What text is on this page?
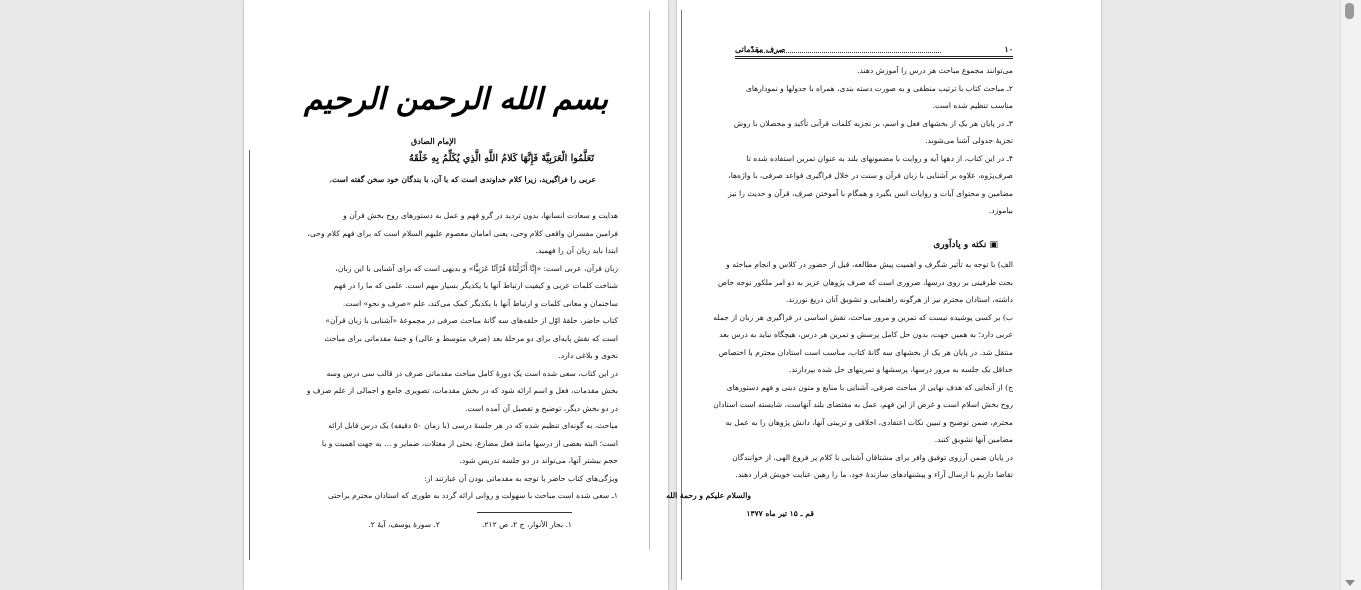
بسم الله الرحمن الرحيم
الإمام الصادق
تَعَلَّمُوا الْعَرَبِيَّةَ فَإِنَّهَا كَلامُ اللَّهِ الَّذِي يُكَلِّمُ بِهِ خَلْقَهُ
عربی را فراگیرید، زیرا کلام خداوندی است که با آن، با بندگان خود سخن گفته است.
هدایت و سعادت انسانها، بدون تردید در گرو فهم و عمل به دستورهای روح بخش قرآن و
فرامین مفسران واقعی کلام وحی، یعنی امامان معصوم علیهم السلام است که برای فهم کلام وحی،
ابتدا باید زبان آن را فهمید.
زبان قرآن، عربی است: «إِنَّا أَنْزَلْنَاهُ قُرْآنًا عَرَبِيًّا» و بدیهی است که برای آشنایی با این زبان،
شناخت کلمات عربی و کیفیت ارتباط آنها با یکدیگر بسیار مهم است. علمی که ما را در فهم
ساختمان و معانی کلمات و ارتباط آنها با یکدیگر کمک می‌کند، علم «صرف و نحو» است.
کتاب حاضر، حلقهٔ اوّل از حلقه‌های سه گانهٔ مباحث صرفی در مجموعهٔ «آشنایی با زبان قرآن»
است که نقش پایه‌ای برای دو مرحلهٔ بعد (صرف متوسط و عالی) و جنبهٔ مقدماتی برای مباحث
نحوی و بلاغی دارد.
در این کتاب، سعی شده است یک دورهٔ کامل مباحث مقدماتی صرف در قالب سی درس وسه
بخش مقدمات، فعل و اسم ارائه شود که در بخش مقدمات، تصویری جامع و اجمالی از علم صرف و
در دو بخش دیگر، توضیح و تفصیل آن آمده است.
مباحث، به گونه‌ای تنظیم شده که در هر جلسهٔ درسی (با زمان ۵۰ دقیقه) یک درس قابل ارائه
است؛ البته بعضی از درسها مانند فعل مضارع، بحثی از معتلات، ضمایر و ... به جهت اهمیت و یا
حجم بیشتر آنها، می‌تواند در دو جلسه تدریس شود.
ویژگی‌های کتاب حاضر با توجه به مقدماتی بودن آن عبارتند از:
۱ـ سعی شده است مباحث با سهولت و روانی ارائه گردد به طوری که استادان محترم براحتی
۱. بحار الأنوار، ج ۲، ص ۲۱۲.
۲. سورهٔ یوسف، آیهٔ ۲.
۱۰
صرف مقدّماتی
می‌توانند مجموع مباحث هر درس را آموزش دهند.
۲ـ مباحث کتاب با ترتیب منطقی و به صورت دسته بندی، همراه با جدولها و نمودارهای
مناسب تنظیم شده است.
۳ـ در پایان هر یک از بخشهای فعل و اسم، بر تجزیه کلمات قرآنی تأکید و محصلان با روش
تجزیهٔ جدولی آشنا می‌شوند.
۴ـ در این کتاب، از دهها آیه و روایت با مضمونهای بلند به عنوان تمرین استفاده شده تا
صرف‌پژوه، علاوه بر آشنایی با زبان قرآن و سنت در خلال فراگیری قواعد صرفی، با واژه‌ها،
مضامین و محتوای آیات و روایات انس بگیرد و همگام با آموختن صرف، قرآن و حدیث را نیز
بیاموزد.
▣ نکته و یادآوری
الف) با توجه به تأثیر شگرف و اهمیت پیش مطالعه، قبل از حضور در کلاس و انجام مباحثه و
بحث طرفینی بر روی درسها، ضروری است که صرف پژوهان عزیز به دو امر ملکور توجه خاص
داشته، استادان محترم نیز از هرگونه راهنمایی و تشویق آنان دریغ نورزند.
ب) بر کسی پوشیده نیست که تمرین و مرور مباحث، نقش اساسی در فراگیری هر زبان از جمله
عربی دارد؛ به همین جهت، بدون حل کامل پرسش و تمرین هر درس، هیچگاه نباید به درس بعد
منتقل شد. در پایان هر یک از بخشهای سه گانهٔ کتاب، مناسب است استادان محترم با اختصاص
حداقل یک جلسه به مرور درسها، پرسشها و تمرینهای حل شده بپردازند.
ج) از آنجایی که هدف نهایی از مباحث صرفی، آشنایی با منابع و متون دینی و فهم دستورهای
روح بخش اسلام است و غرض از این فهم، عمل به مقتضای بلند آنهاست، شایسته است استادان
محترم، ضمن توضیح و تبیین نکات اعتقادی، اخلاقی و تربیتی آنها، دانش پژوهان را به عمل به
مضامین آنها تشویق کنند.
در پایان ضمن آرزوی توفیق وافر برای مشتاقان آشنایی با کلام پر فروغ الهی، از خوانندگان
تقاضا داریم با ارسال آراء و پیشنهادهای سازندهٔ خود، ما را رهین عنایت خویش قرار دهند.
والسلام علیکم و رحمة الله
قم ـ ۱۵ تیر ماه ۱۳۷۷
